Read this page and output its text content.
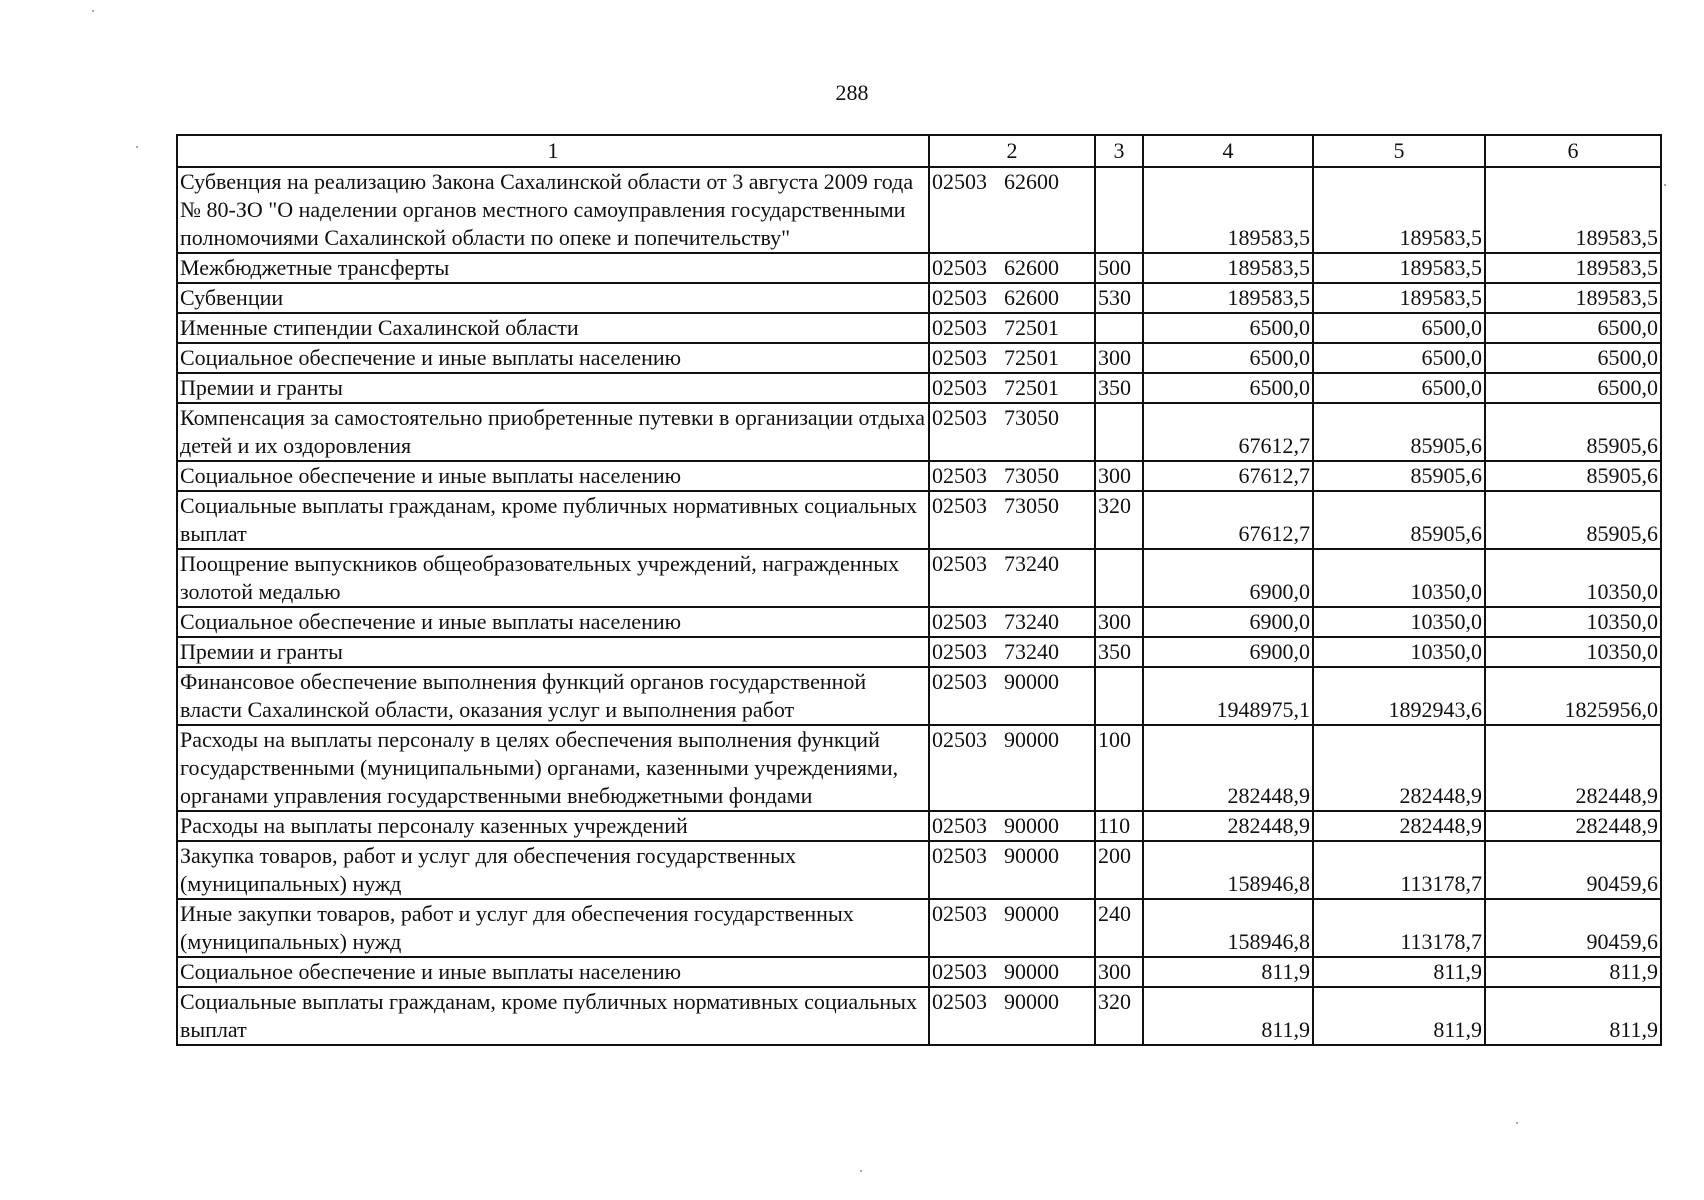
288
1	2	3	4	5	6
Субвенция на реализацию Закона Сахалинской области от 3 августа 2009 года № 80-ЗО "О наделении органов местного самоуправления государственными полномочиями Сахалинской области по опеке и попечительству"	02503 62600		189583,5	189583,5	189583,5
Межбюджетные трансферты	02503 62600	500	189583,5	189583,5	189583,5
Субвенции	02503 62600	530	189583,5	189583,5	189583,5
Именные стипендии Сахалинской области	02503 72501		6500,0	6500,0	6500,0
Социальное обеспечение и иные выплаты населению	02503 72501	300	6500,0	6500,0	6500,0
Премии и гранты	02503 72501	350	6500,0	6500,0	6500,0
Компенсация за самостоятельно приобретенные путевки в организации отдыха детей и их оздоровления	02503 73050		67612,7	85905,6	85905,6
Социальное обеспечение и иные выплаты населению	02503 73050	300	67612,7	85905,6	85905,6
Социальные выплаты гражданам, кроме публичных нормативных социальных выплат	02503 73050	320	67612,7	85905,6	85905,6
Поощрение выпускников общеобразовательных учреждений, награжденных золотой медалью	02503 73240		6900,0	10350,0	10350,0
Социальное обеспечение и иные выплаты населению	02503 73240	300	6900,0	10350,0	10350,0
Премии и гранты	02503 73240	350	6900,0	10350,0	10350,0
Финансовое обеспечение выполнения функций органов государственной власти Сахалинской области, оказания услуг и выполнения работ	02503 90000		1948975,1	1892943,6	1825956,0
Расходы на выплаты персоналу в целях обеспечения выполнения функций государственными (муниципальными) органами, казенными учреждениями, органами управления государственными внебюджетными фондами	02503 90000	100	282448,9	282448,9	282448,9
Расходы на выплаты персоналу казенных учреждений	02503 90000	110	282448,9	282448,9	282448,9
Закупка товаров, работ и услуг для обеспечения государственных (муниципальных) нужд	02503 90000	200	158946,8	113178,7	90459,6
Иные закупки товаров, работ и услуг для обеспечения государственных (муниципальных) нужд	02503 90000	240	158946,8	113178,7	90459,6
Социальное обеспечение и иные выплаты населению	02503 90000	300	811,9	811,9	811,9
Социальные выплаты гражданам, кроме публичных нормативных социальных выплат	02503 90000	320	811,9	811,9	811,9
